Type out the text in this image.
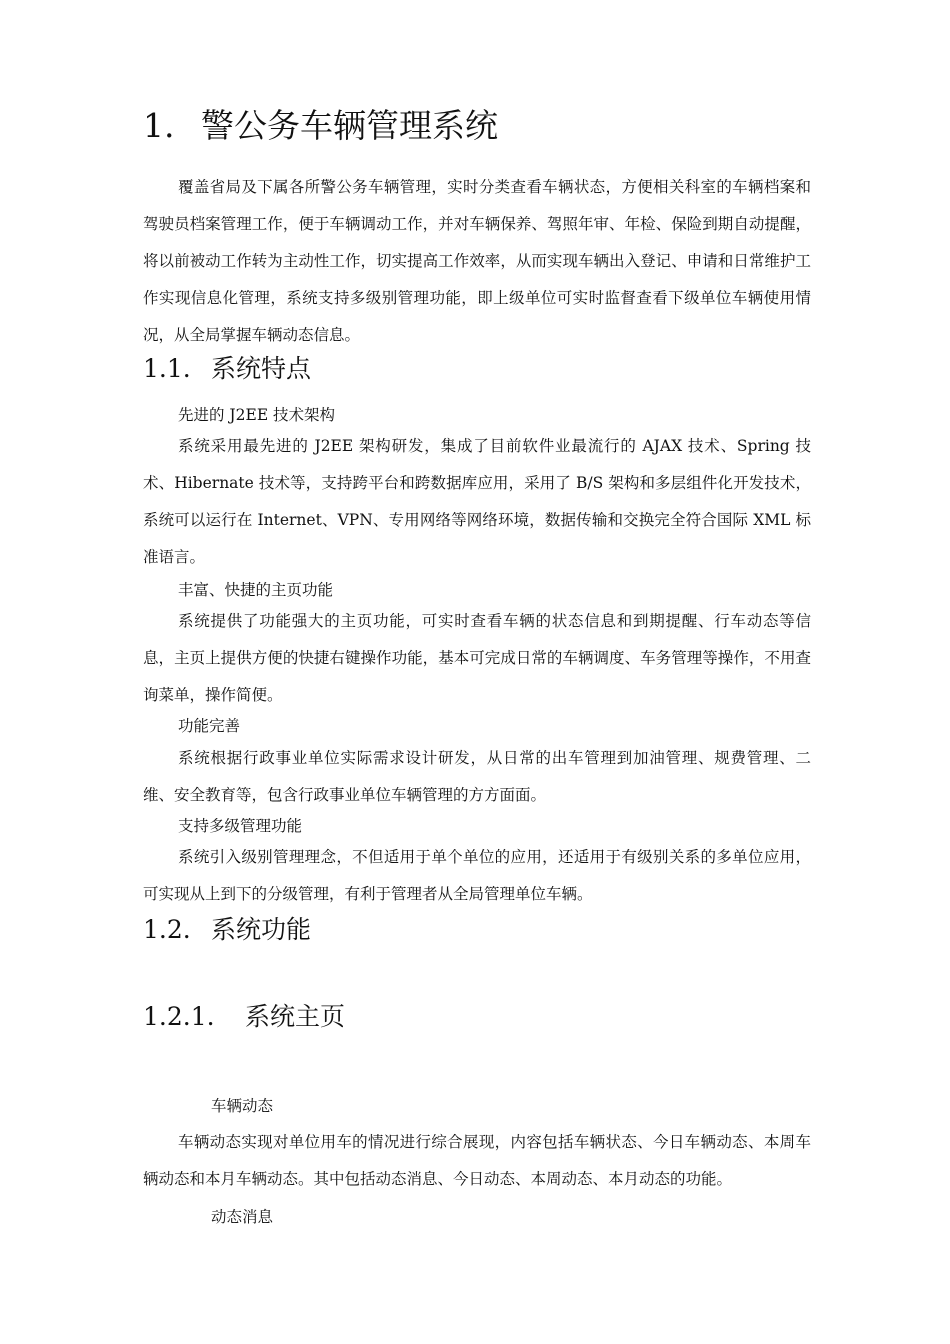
1. 警公务车辆管理系统

覆盖省局及下属各所警公务车辆管理，实时分类查看车辆状态，方便相关科室的车辆档案和驾驶员档案管理工作，便于车辆调动工作，并对车辆保养、驾照年审、年检、保险到期自动提醒，将以前被动工作转为主动性工作，切实提高工作效率，从而实现车辆出入登记、申请和日常维护工作实现信息化管理，系统支持多级别管理功能，即上级单位可实时监督查看下级单位车辆使用情况，从全局掌握车辆动态信息。

1.1. 系统特点

先进的 J2EE 技术架构

系统采用最先进的 J2EE 架构研发，集成了目前软件业最流行的 AJAX 技术、Spring 技术、Hibernate 技术等，支持跨平台和跨数据库应用，采用了 B/S 架构和多层组件化开发技术，系统可以运行在 Internet、VPN、专用网络等网络环境，数据传输和交换完全符合国际 XML 标准语言。

丰富、快捷的主页功能

系统提供了功能强大的主页功能，可实时查看车辆的状态信息和到期提醒、行车动态等信息，主页上提供方便的快捷右键操作功能，基本可完成日常的车辆调度、车务管理等操作，不用查询菜单，操作简便。

功能完善

系统根据行政事业单位实际需求设计研发，从日常的出车管理到加油管理、规费管理、二维、安全教育等，包含行政事业单位车辆管理的方方面面。

支持多级管理功能

系统引入级别管理理念，不但适用于单个单位的应用，还适用于有级别关系的多单位应用，可实现从上到下的分级管理，有利于管理者从全局管理单位车辆。

1.2. 系统功能
1.2.1. 系统主页

车辆动态

车辆动态实现对单位用车的情况进行综合展现，内容包括车辆状态、今日车辆动态、本周车辆动态和本月车辆动态。其中包括动态消息、今日动态、本周动态、本月动态的功能。

动态消息
